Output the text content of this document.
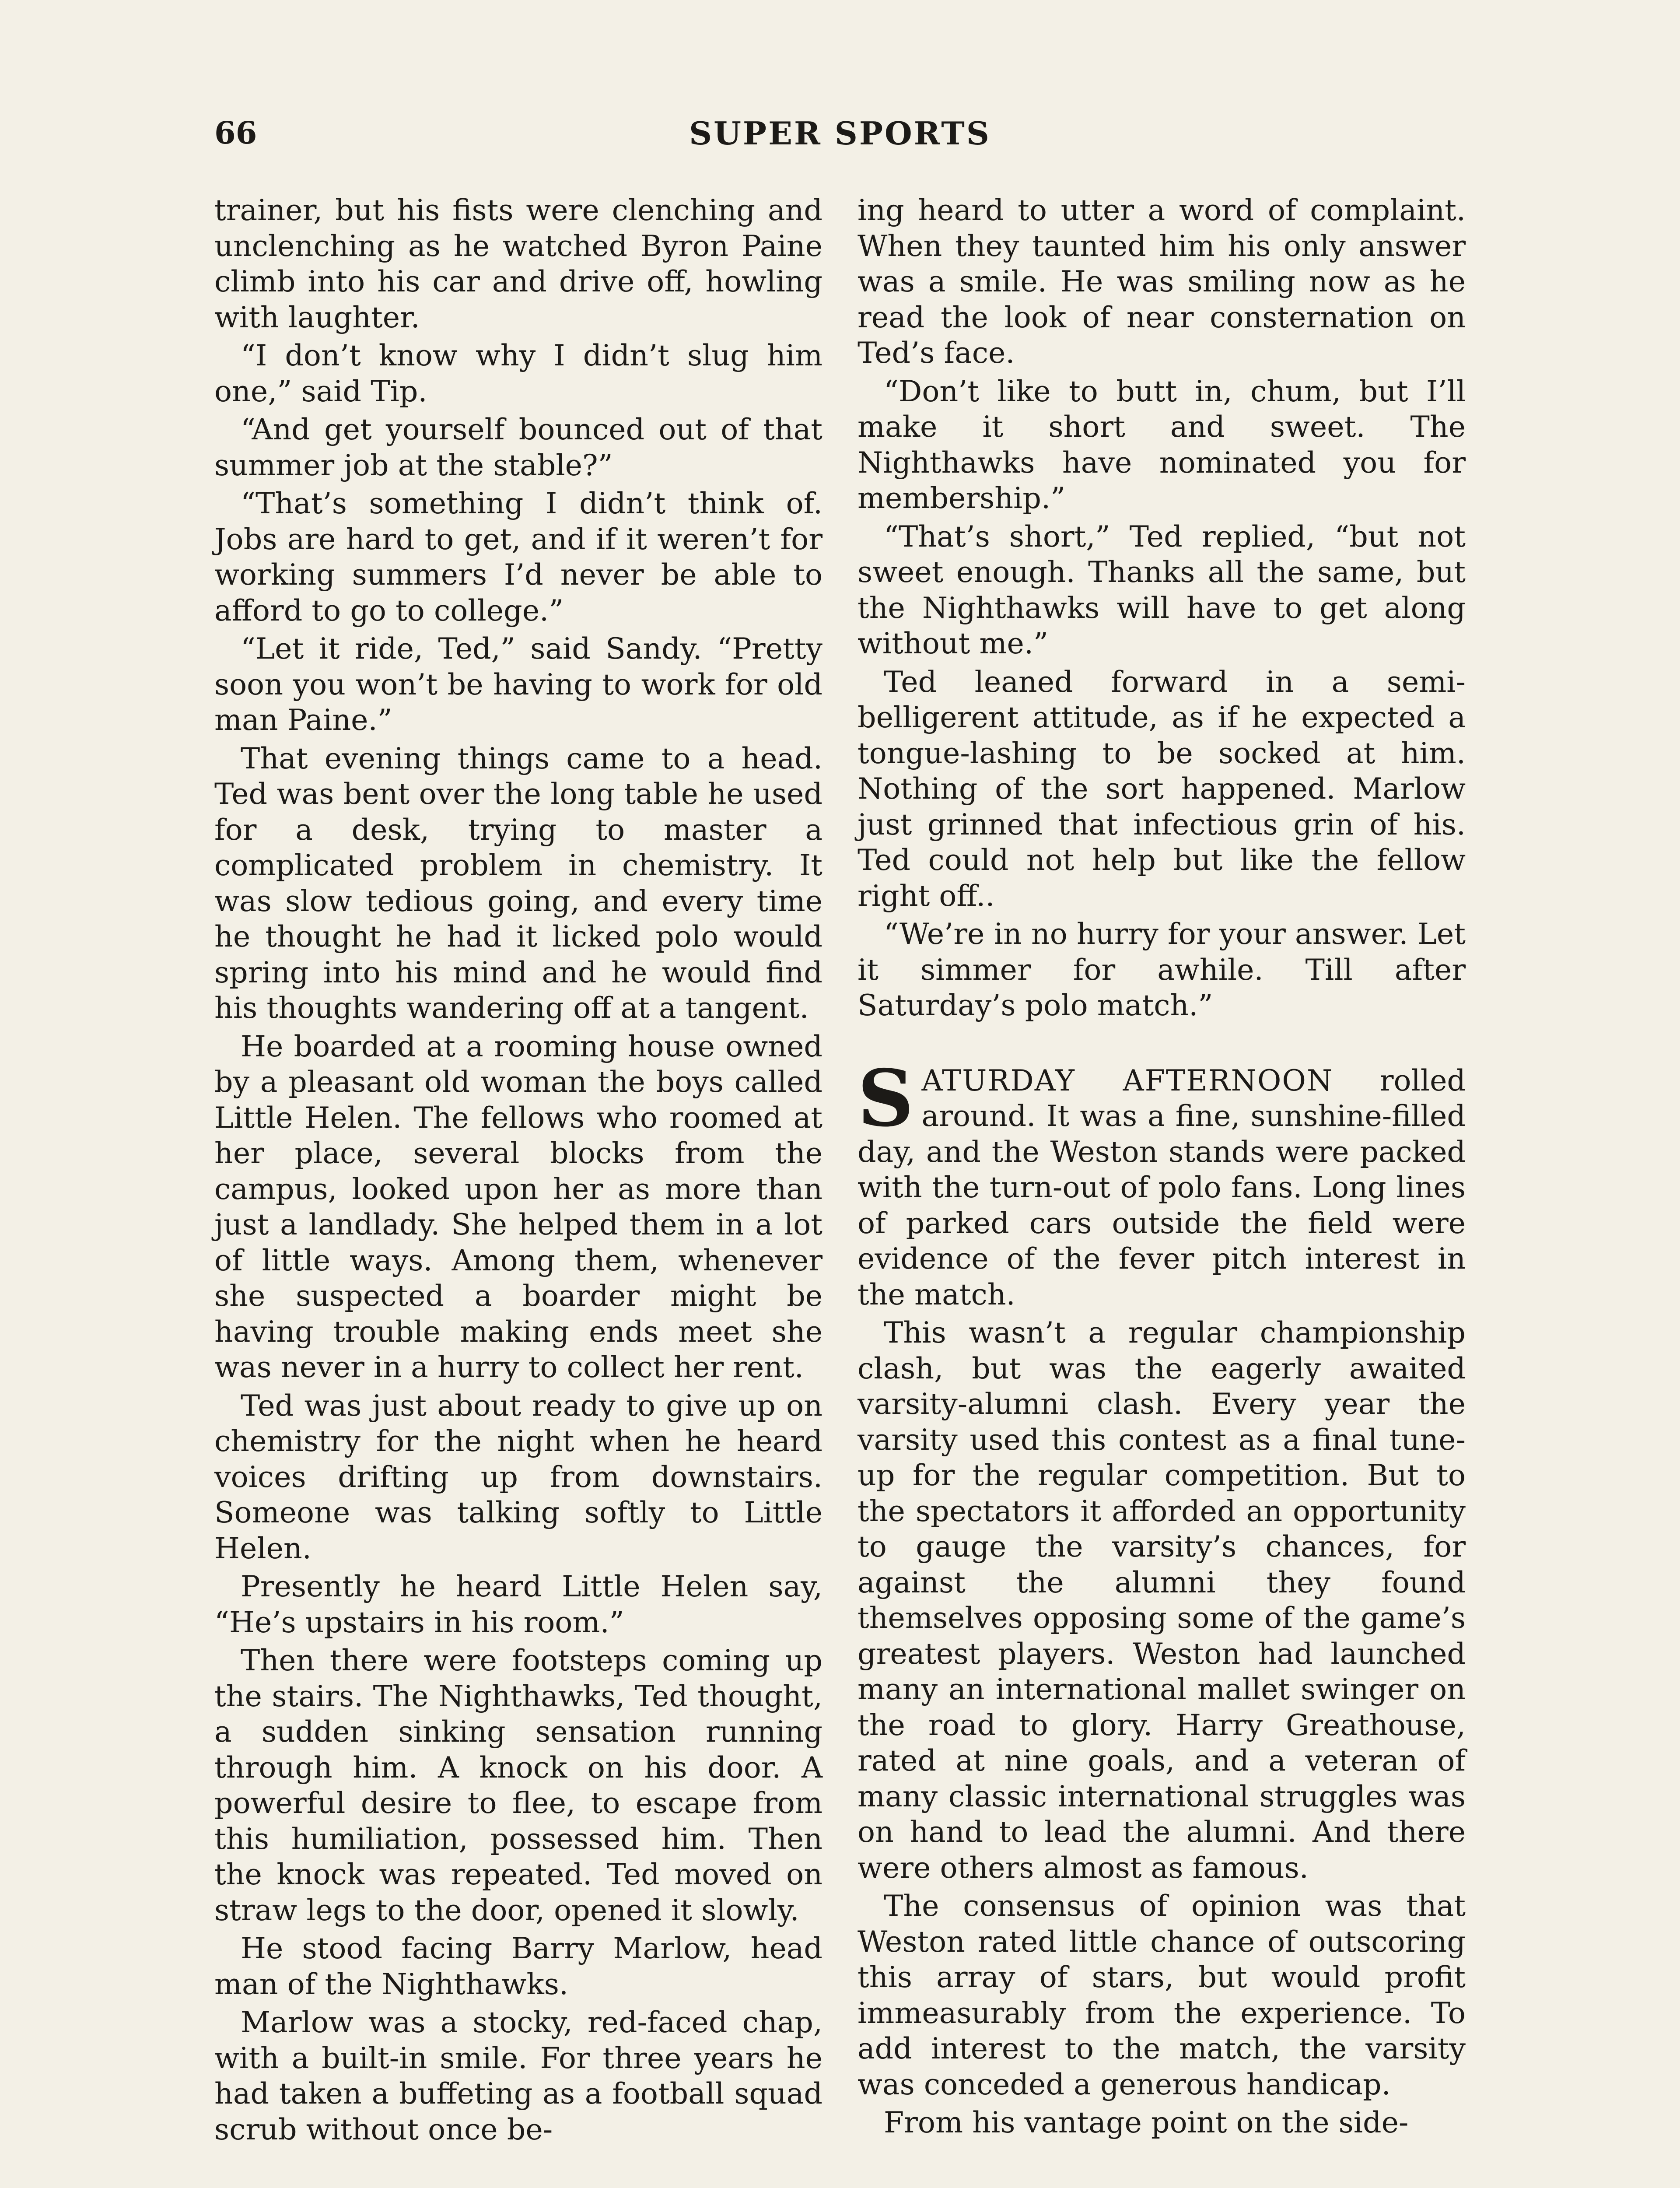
66	SUPER SPORTS

trainer, but his fists were clenching and unclenching as he watched Byron Paine climb into his car and drive off, howling with laughter.

“I don’t know why I didn’t slug him one,” said Tip.

“And get yourself bounced out of that summer job at the stable?”

“That’s something I didn’t think of. Jobs are hard to get, and if it weren’t for working summers I’d never be able to afford to go to college.”

“Let it ride, Ted,” said Sandy. “Pretty soon you won’t be having to work for old man Paine.”

That evening things came to a head. Ted was bent over the long table he used for a desk, trying to master a complicated problem in chemistry. It was slow tedious going, and every time he thought he had it licked polo would spring into his mind and he would find his thoughts wandering off at a tangent.

He boarded at a rooming house owned by a pleasant old woman the boys called Little Helen. The fellows who roomed at her place, several blocks from the campus, looked upon her as more than just a landlady. She helped them in a lot of little ways. Among them, whenever she suspected a boarder might be having trouble making ends meet she was never in a hurry to collect her rent.

Ted was just about ready to give up on chemistry for the night when he heard voices drifting up from downstairs. Someone was talking softly to Little Helen.

Presently he heard Little Helen say, “He’s upstairs in his room.”

Then there were footsteps coming up the stairs. The Nighthawks, Ted thought, a sudden sinking sensation running through him. A knock on his door. A powerful desire to flee, to escape from this humiliation, possessed him. Then the knock was repeated. Ted moved on straw legs to the door, opened it slowly.

He stood facing Barry Marlow, head man of the Nighthawks.

Marlow was a stocky, red-faced chap, with a built-in smile. For three years he had taken a buffeting as a football squad scrub without once be-

ing heard to utter a word of complaint. When they taunted him his only answer was a smile. He was smiling now as he read the look of near consternation on Ted’s face.

“Don’t like to butt in, chum, but I’ll make it short and sweet. The Nighthawks have nominated you for membership.”

“That’s short,” Ted replied, “but not sweet enough. Thanks all the same, but the Nighthawks will have to get along without me.”

Ted leaned forward in a semi-belligerent attitude, as if he expected a tongue-lashing to be socked at him. Nothing of the sort happened. Marlow just grinned that infectious grin of his. Ted could not help but like the fellow right off..

“We’re in no hurry for your answer. Let it simmer for awhile. Till after Saturday’s polo match.”

SATURDAY AFTERNOON rolled around. It was a fine, sunshine-filled day, and the Weston stands were packed with the turn-out of polo fans. Long lines of parked cars outside the field were evidence of the fever pitch interest in the match.

This wasn’t a regular championship clash, but was the eagerly awaited varsity-alumni clash. Every year the varsity used this contest as a final tune-up for the regular competition. But to the spectators it afforded an opportunity to gauge the varsity’s chances, for against the alumni they found themselves opposing some of the game’s greatest players. Weston had launched many an international mallet swinger on the road to glory. Harry Greathouse, rated at nine goals, and a veteran of many classic international struggles was on hand to lead the alumni. And there were others almost as famous.

The consensus of opinion was that Weston rated little chance of outscoring this array of stars, but would profit immeasurably from the experience. To add interest to the match, the varsity was conceded a generous handicap.

From his vantage point on the side-
